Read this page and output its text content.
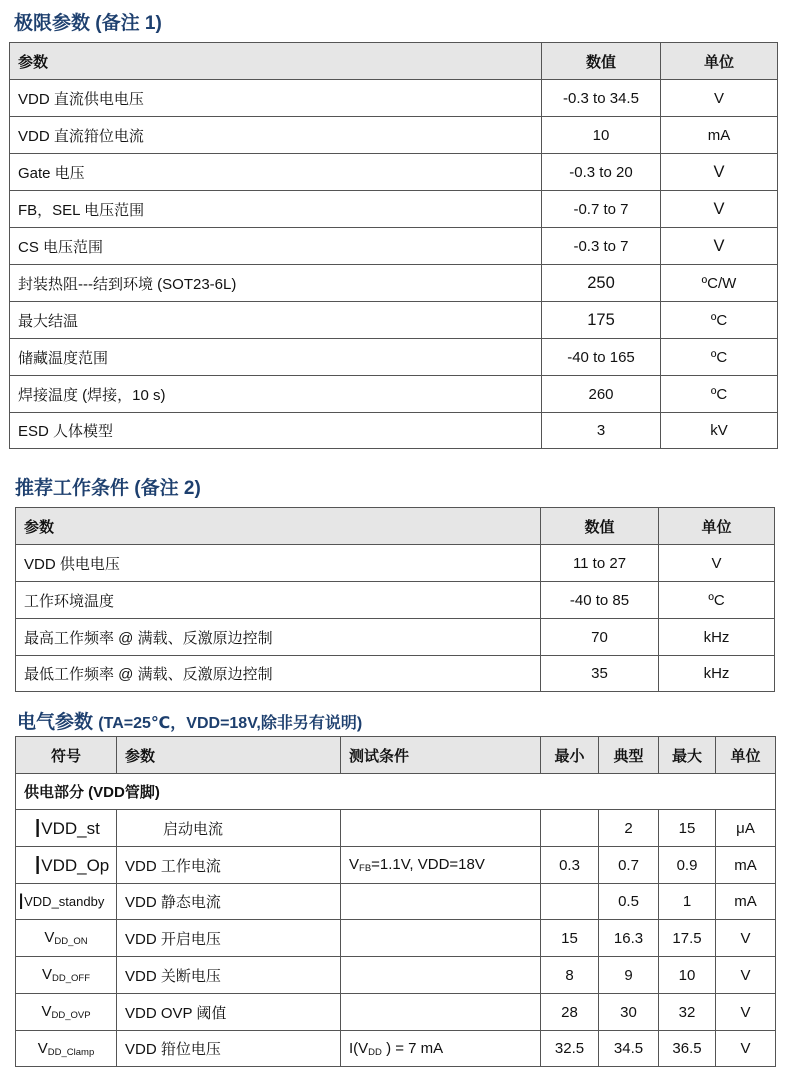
极限参数 (备注 1)
参数	数值	单位
VDD 直流供电电压	-0.3 to 34.5	V
VDD 直流箝位电流	10	mA
Gate 电压	-0.3 to 20	V
FB，SEL 电压范围	-0.7 to 7	V
CS 电压范围	-0.3 to 7	V
封装热阻---结到环境 (SOT23-6L)	250	ºC/W
最大结温	175	ºC
储藏温度范围	-40 to 165	ºC
焊接温度 (焊接，10 s)	260	ºC
ESD 人体模型	3	kV
推荐工作条件 (备注 2)
参数	数值	单位
VDD 供电电压	11 to 27	V
工作环境温度	-40 to 85	ºC
最高工作频率 @ 满载、反激原边控制	70	kHz
最低工作频率 @ 满载、反激原边控制	35	kHz
电气参数 (TA=25℃，VDD=18V,除非另有说明)
符号	参数	测试条件	最小	典型	最大	单位
供电部分 (VDD管脚)						
IVDD_st	启动电流			2	15	μA
IVDD_Op	VDD 工作电流	VFB=1.1V, VDD=18V	0.3	0.7	0.9	mA
IVDD_standby	VDD 静态电流			0.5	1	mA
$V_{DD\_ON}$	VDD 开启电压		15	16.3	17.5	V
$V_{DD\_OFF}$	VDD 关断电压		8	9	10	V
$V_{DD\_OVP}$	VDD OVP 阈值		28	30	32	V
$V_{DD\_Clamp}$	VDD 箝位电压	I(VDD ) = 7 mA	32.5	34.5	36.5	V
